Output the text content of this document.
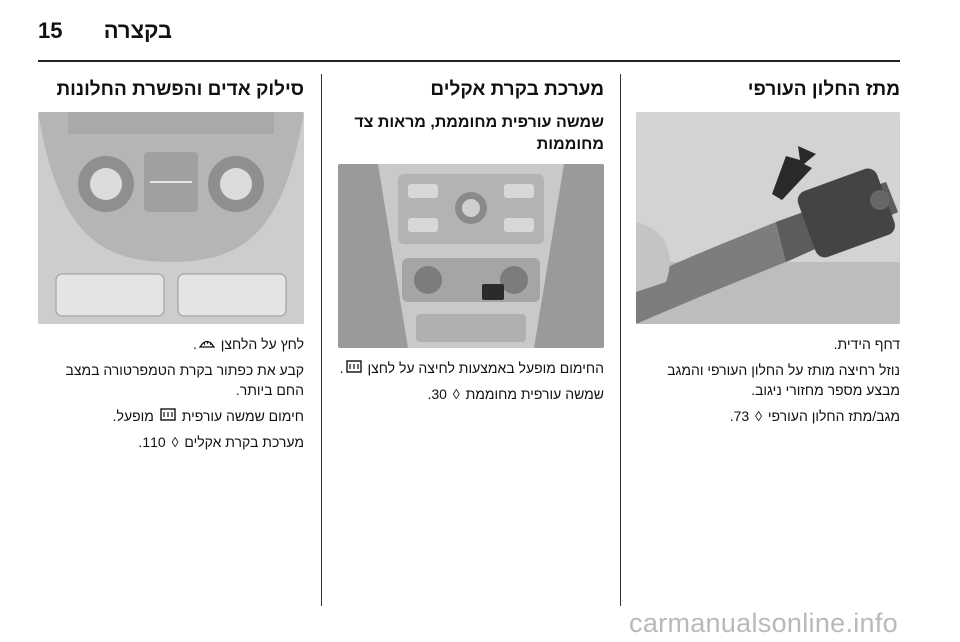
15 בקצרה
מתז החלון העורפי

דחף הידית.

נוזל רחיצה מותז על החלון העורפי והמגב מבצע מספר מחזורי ניגוב.

מגב/מתז החלון העורפי ◊ 73.

מערכת בקרת אקלים
שמשה עורפית מחוממת, מראות צד מחוממות

החימום מופעל באמצעות לחיצה על לחצן .

שמשה עורפית מחוממת ◊ 30.

סילוק אדים והפשרת החלונות

לחץ על הלחצן .

קבע את כפתור בקרת הטמפרטורה במצב החם ביותר.

חימום שמשה עורפית  מופעל.

מערכת בקרת אקלים ◊ 110.

carmanualsonline.info
